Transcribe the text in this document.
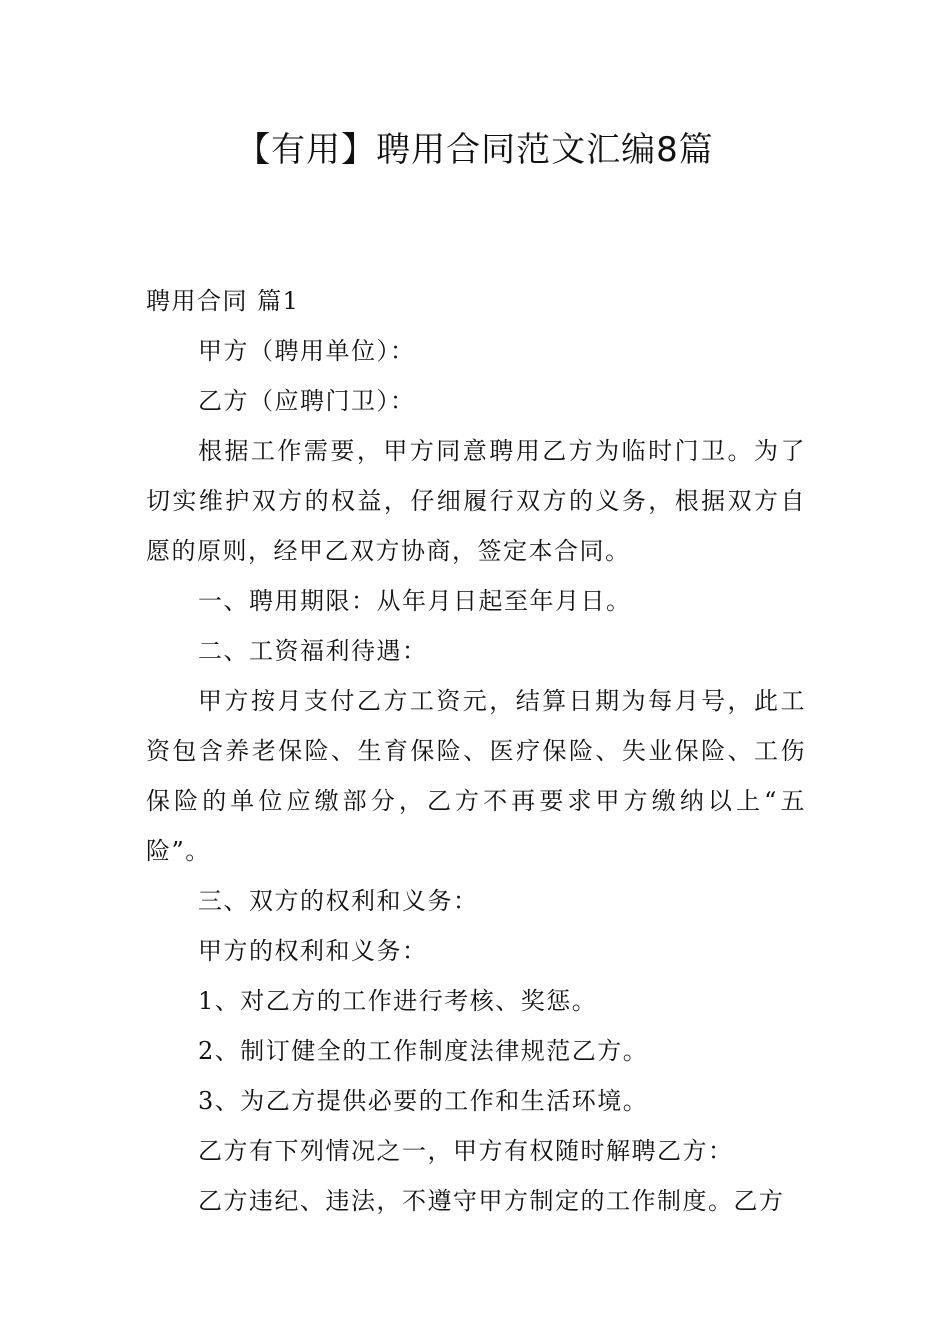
【有用】聘用合同范文汇编8篇

聘用合同 篇1

甲方（聘用单位）：

乙方（应聘门卫）：

根据工作需要，甲方同意聘用乙方为临时门卫。为了切实维护双方的权益，仔细履行双方的义务，根据双方自愿的原则，经甲乙双方协商，签定本合同。

一、聘用期限：从年月日起至年月日。

二、工资福利待遇：

甲方按月支付乙方工资元，结算日期为每月号，此工资包含养老保险、生育保险、医疗保险、失业保险、工伤保险的单位应缴部分，乙方不再要求甲方缴纳以上“五险”。

三、双方的权利和义务：

甲方的权利和义务：

1、对乙方的工作进行考核、奖惩。

2、制订健全的工作制度法律规范乙方。

3、为乙方提供必要的工作和生活环境。

乙方有下列情况之一，甲方有权随时解聘乙方：

乙方违纪、违法，不遵守甲方制定的工作制度。乙方
